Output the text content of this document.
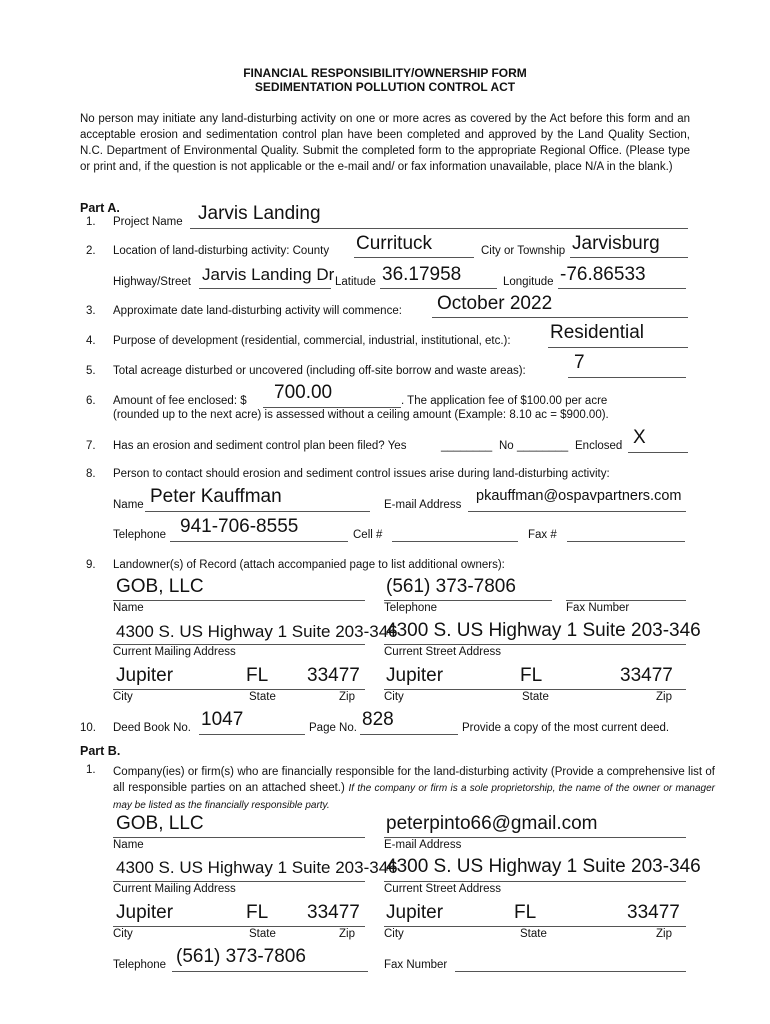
FINANCIAL RESPONSIBILITY/OWNERSHIP FORM
SEDIMENTATION POLLUTION CONTROL ACT
No person may initiate any land-disturbing activity on one or more acres as covered by the Act before this form and an acceptable erosion and sedimentation control plan have been completed and approved by the Land Quality Section, N.C. Department of Environmental Quality. Submit the completed form to the appropriate Regional Office. (Please type or print and, if the question is not applicable or the e-mail and/ or fax information unavailable, place N/A in the blank.)
Part A.
1. Project Name Jarvis Landing
2. Location of land-disturbing activity: County Currituck	City or Township Jarvisburg
Highway/Street Jarvis Landing Dr Latitude 36.17958	Longitude -76.86533
3. Approximate date land-disturbing activity will commence: October 2022
4. Purpose of development (residential, commercial, industrial, institutional, etc.): Residential
5. Total acreage disturbed or uncovered (including off-site borrow and waste areas):	7
6. Amount of fee enclosed: $ 700.00	. The application fee of $100.00 per acre
(rounded up to the next acre) is assessed without a ceiling amount (Example: 8.10 ac = $900.00).
7. Has an erosion and sediment control plan been filed? Yes	________ No ________ Enclosed X
8. Person to contact should erosion and sediment control issues arise during land-disturbing activity:
Name Peter Kauffman	E-mail Address
pkauffman@ospavpartners.com
Telephone 941-706-8555	Cell #	Fax #
9. Landowner(s) of Record (attach accompanied page to list additional owners):
GOB, LLC
Name
(561) 373-7806
Telephone	Fax Number
4300 S. US Highway 1 Suite 203-346
Current Mailing Address
4300 S. US Highway 1 Suite 203-346
Current Street Address
Jupiter	FL 33477
City	State	Zip
Jupiter	FL	33477
City	State	Zip
10. Deed Book No. 1047	Page No. 828	Provide a copy of the most current deed.
Part B.
1. Company(ies) or firm(s) who are financially responsible for the land-disturbing activity (Provide a comprehensive list of all responsible parties on an attached sheet.) If the company or firm is a sole proprietorship, the name of the owner or manager may be listed as the financially responsible party.
GOB, LLC
Name
peterpinto66@gmail.com
E-mail Address
4300 S. US Highway 1 Suite 203-346
Current Mailing Address
4300 S. US Highway 1 Suite 203-346
Current Street Address
Jupiter	FL 33477
City	State	Zip
Jupiter	FL	33477
City	State	Zip
Telephone (561) 373-7806	Fax Number
